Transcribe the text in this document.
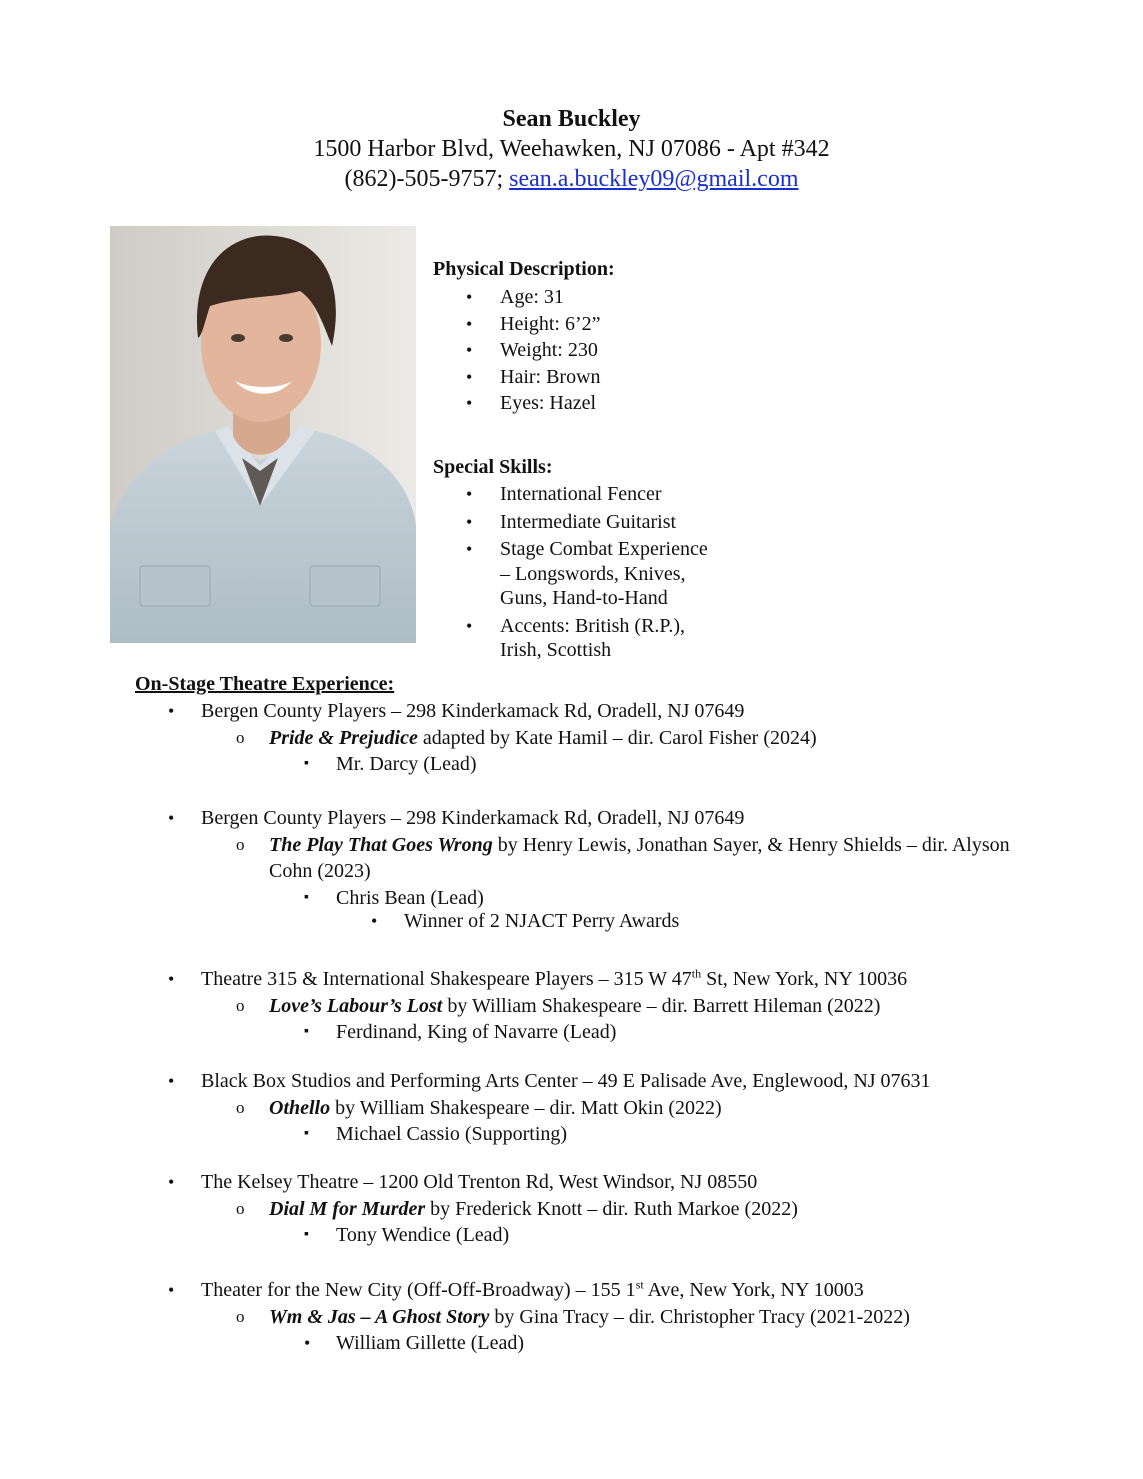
Sean Buckley
1500 Harbor Blvd, Weehawken, NJ 07086 - Apt #342
(862)-505-9757; sean.a.buckley09@gmail.com
Physical Description:
• Age: 31
• Height: 6’2”
• Weight: 230
• Hair: Brown
• Eyes: Hazel
Special Skills:
• International Fencer
• Intermediate Guitarist
• Stage Combat Experience – Longswords, Knives, Guns, Hand-to-Hand
• Accents: British (R.P.), Irish, Scottish
On-Stage Theatre Experience:
• Bergen County Players – 298 Kinderkamack Rd, Oradell, NJ 07649
o Pride & Prejudice adapted by Kate Hamil – dir. Carol Fisher (2024)
▪ Mr. Darcy (Lead)
• Bergen County Players – 298 Kinderkamack Rd, Oradell, NJ 07649
o The Play That Goes Wrong by Henry Lewis, Jonathan Sayer, & Henry Shields – dir. Alyson Cohn (2023)
▪ Chris Bean (Lead)
• Winner of 2 NJACT Perry Awards
• Theatre 315 & International Shakespeare Players – 315 W 47th St, New York, NY 10036
o Love’s Labour’s Lost by William Shakespeare – dir. Barrett Hileman (2022)
▪ Ferdinand, King of Navarre (Lead)
• Black Box Studios and Performing Arts Center – 49 E Palisade Ave, Englewood, NJ 07631
o Othello by William Shakespeare – dir. Matt Okin (2022)
▪ Michael Cassio (Supporting)
• The Kelsey Theatre – 1200 Old Trenton Rd, West Windsor, NJ 08550
o Dial M for Murder by Frederick Knott – dir. Ruth Markoe (2022)
▪ Tony Wendice (Lead)
• Theater for the New City (Off-Off-Broadway) – 155 1st Ave, New York, NY 10003
o Wm & Jas – A Ghost Story by Gina Tracy – dir. Christopher Tracy (2021-2022)
• William Gillette (Lead)
